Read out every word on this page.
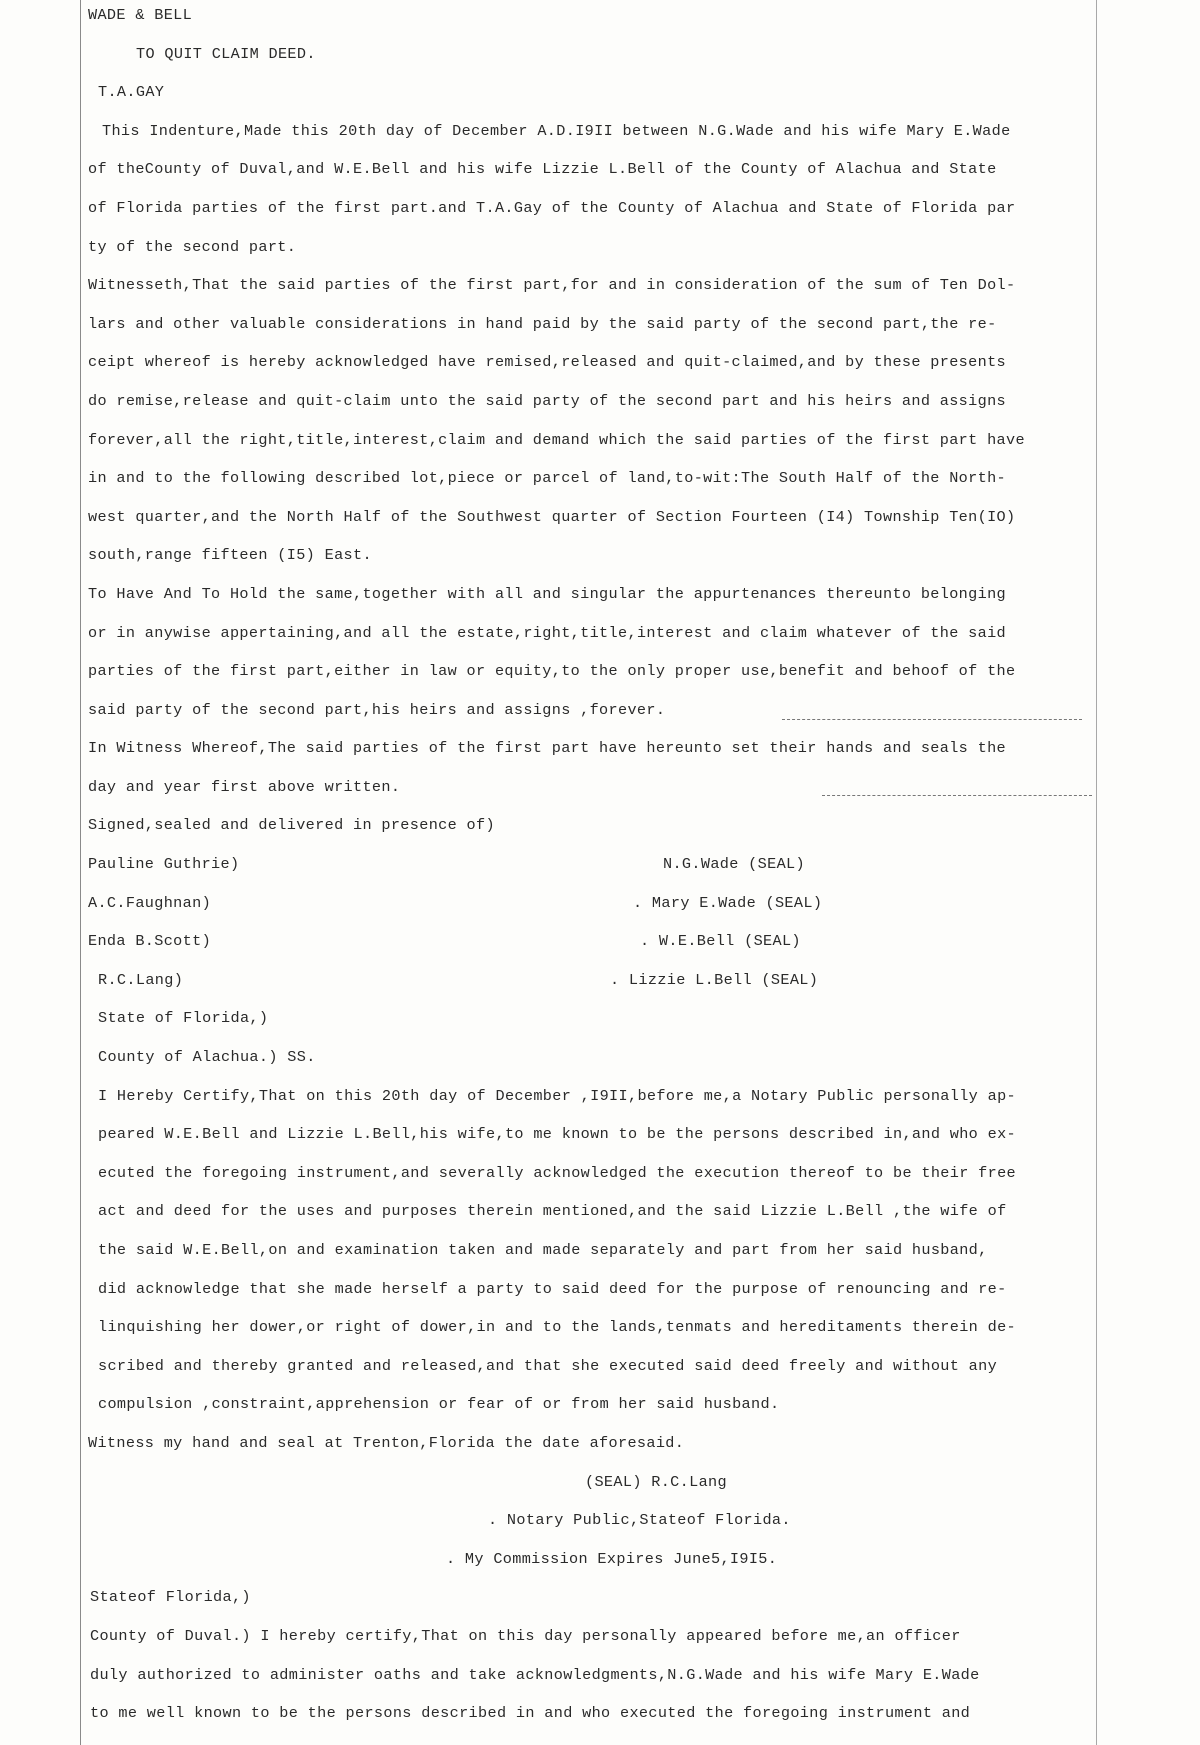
WADE & BELL
TO QUIT CLAIM DEED.
T.A.GAY
This Indenture,Made this 20th day of December A.D.I9II between N.G.Wade and his wife Mary E.Wade
of theCounty of Duval,and W.E.Bell and his wife Lizzie L.Bell of the County of Alachua and State
of Florida parties of the first part.and T.A.Gay of the County of Alachua and State of Florida par
ty of the second part.
Witnesseth,That the said parties of the first part,for and in consideration of the sum of Ten Dol-
lars and other valuable considerations in hand paid by the said party of the second part,the re-
ceipt whereof is hereby acknowledged have remised,released and quit-claimed,and by these presents
do remise,release and quit-claim unto the said party of the second part and his heirs and assigns
forever,all the right,title,interest,claim and demand which the said parties of the first part have
in and to the following described lot,piece or parcel of land,to-wit:The South Half of the North-
west quarter,and the North Half of the Southwest quarter of Section Fourteen (I4) Township Ten(IO)
south,range fifteen (I5) East.
To Have And To Hold the same,together with all and singular the appurtenances thereunto belonging
or in anywise appertaining,and all the estate,right,title,interest and claim whatever of the said
parties of the first part,either in law or equity,to the only proper use,benefit and behoof of the
said party of the second part,his heirs and assigns ,forever.
In Witness Whereof,The said parties of the first part have hereunto set their hands and seals the
day and year first above written.
Signed,sealed and delivered in presence of)
Pauline Guthrie)	N.G.Wade (SEAL)
A.C.Faughnan)	. Mary E.Wade (SEAL)
Enda B.Scott)	. W.E.Bell (SEAL)
R.C.Lang)	. Lizzie L.Bell (SEAL)
State of Florida,)
County of Alachua.) SS.
I Hereby Certify,That on this 20th day of December ,I9II,before me,a Notary Public personally ap-
peared W.E.Bell and Lizzie L.Bell,his wife,to me known to be the persons described in,and who ex-
ecuted the foregoing instrument,and severally acknowledged the execution thereof to be their free
act and deed for the uses and purposes therein mentioned,and the said Lizzie L.Bell ,the wife of
the said W.E.Bell,on and examination taken and made separately and part from her said husband,
did acknowledge that she made herself a party to said deed for the purpose of renouncing and re-
linquishing her dower,or right of dower,in and to the lands,tenmats and hereditaments therein de-
scribed and thereby granted and released,and that she executed said deed freely and without any
compulsion ,constraint,apprehension or fear of or from her said husband.
Witness my hand and seal at Trenton,Florida the date aforesaid.
(SEAL) R.C.Lang
. Notary Public,Stateof Florida.
. My Commission Expires June5,I9I5.
Stateof Florida,)
County of Duval.) I hereby certify,That on this day personally appeared before me,an officer
duly authorized to administer oaths and take acknowledgments,N.G.Wade and his wife Mary E.Wade
to me well known to be the persons described in and who executed the foregoing instrument and
